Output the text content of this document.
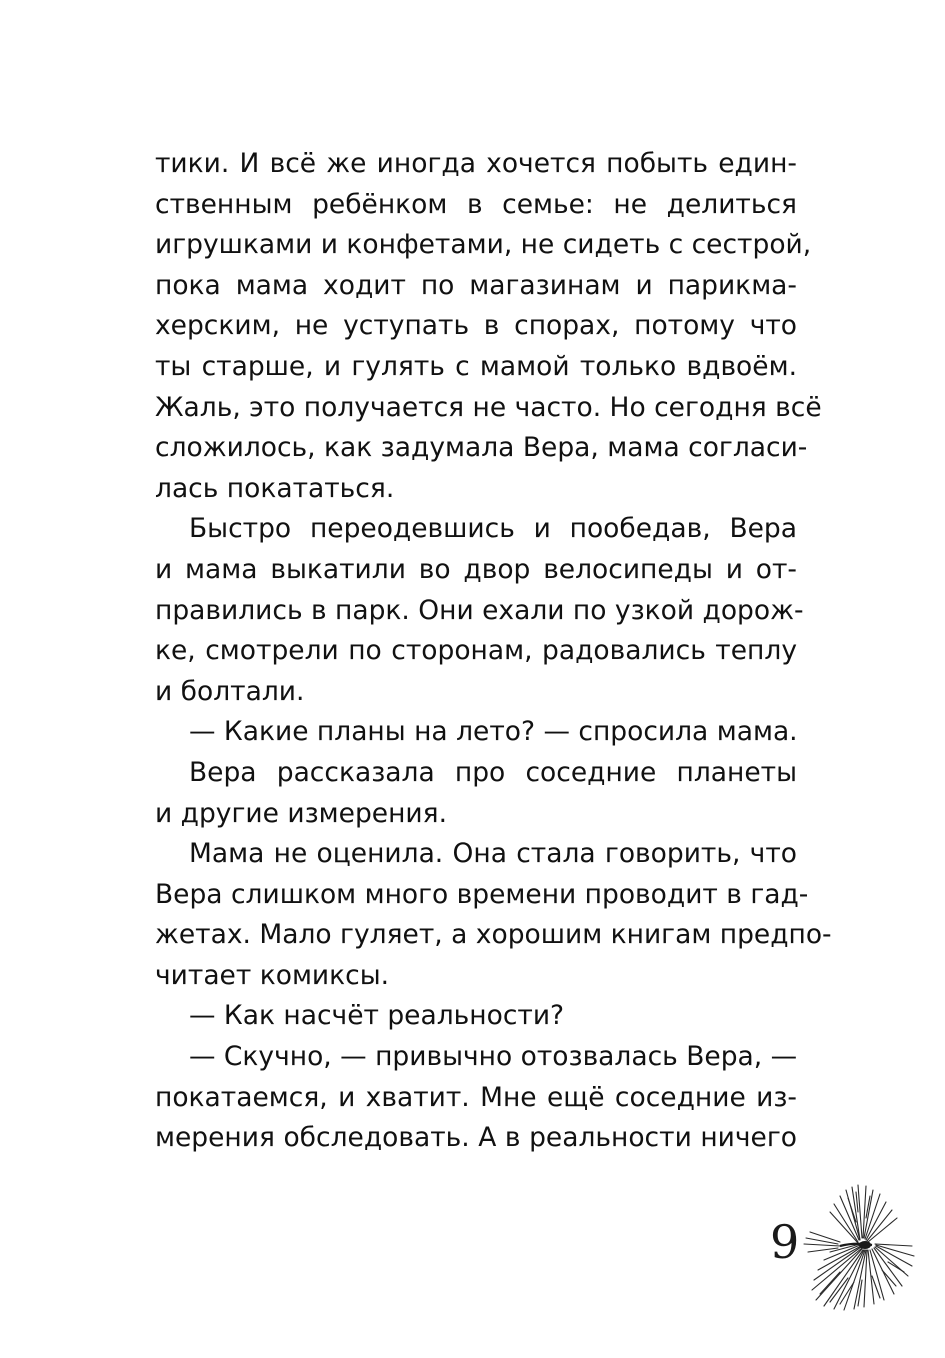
тики. И всё же иногда хочется побыть един-
ственным ребёнком в семье: не делиться
игрушками и конфетами, не сидеть с сестрой,
пока мама ходит по магазинам и парикма-
херским, не уступать в спорах, потому что
ты старше, и гулять с мамой только вдвоём.
Жаль, это получается не часто. Но сегодня всё
сложилось, как задумала Вера, мама согласи-
лась покататься.
Быстро переодевшись и пообедав, Вера
и мама выкатили во двор велосипеды и от-
правились в парк. Они ехали по узкой дорож-
ке, смотрели по сторонам, радовались теплу
и болтали.
— Какие планы на лето? — спросила мама.
Вера рассказала про соседние планеты
и другие измерения.
Мама не оценила. Она стала говорить, что
Вера слишком много времени проводит в гад-
жетах. Мало гуляет, а хорошим книгам предпо-
читает комиксы.
— Как насчёт реальности?
— Скучно, — привычно отозвалась Вера, —
покатаемся, и хватит. Мне ещё соседние из-
мерения обследовать. А в реальности ничего
9
